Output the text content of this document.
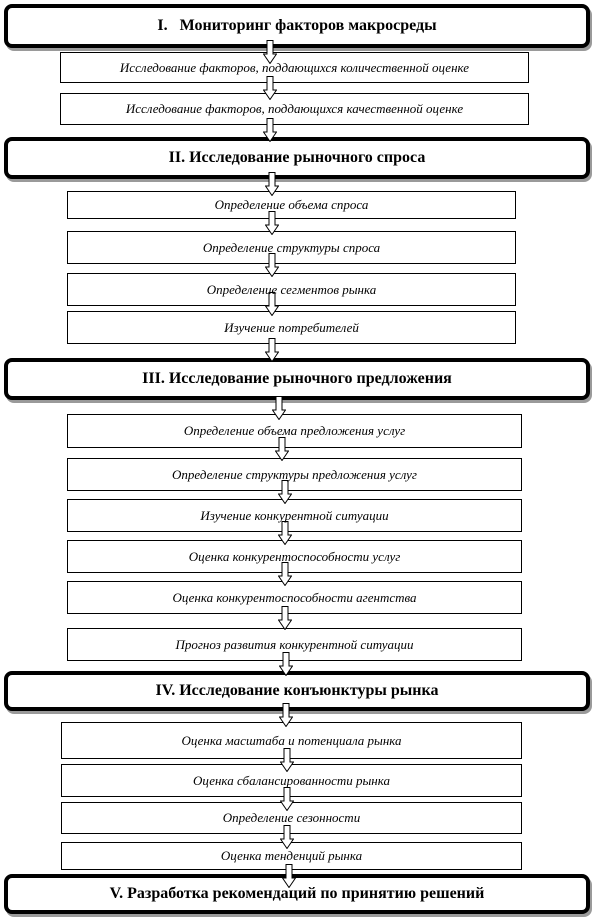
I.   Мониторинг факторов макросреды
Исследование факторов, поддающихся количественной оценке
Исследование факторов, поддающихся качественной оценке
II. Исследование рыночного спроса
Определение объема спроса
Определение структуры спроса
Определение сегментов рынка
Изучение потребителей
III. Исследование рыночного предложения
Определение объема предложения услуг
Определение структуры предложения услуг
Изучение конкурентной ситуации
Оценка конкурентоспособности услуг
Оценка конкурентоспособности агентства
Прогноз развития конкурентной ситуации
IV. Исследование конъюнктуры рынка
Оценка масштаба и потенциала рынка
Оценка сбалансированности рынка
Определение сезонности
Оценка тенденций рынка
V. Разработка рекомендаций по принятию решений
